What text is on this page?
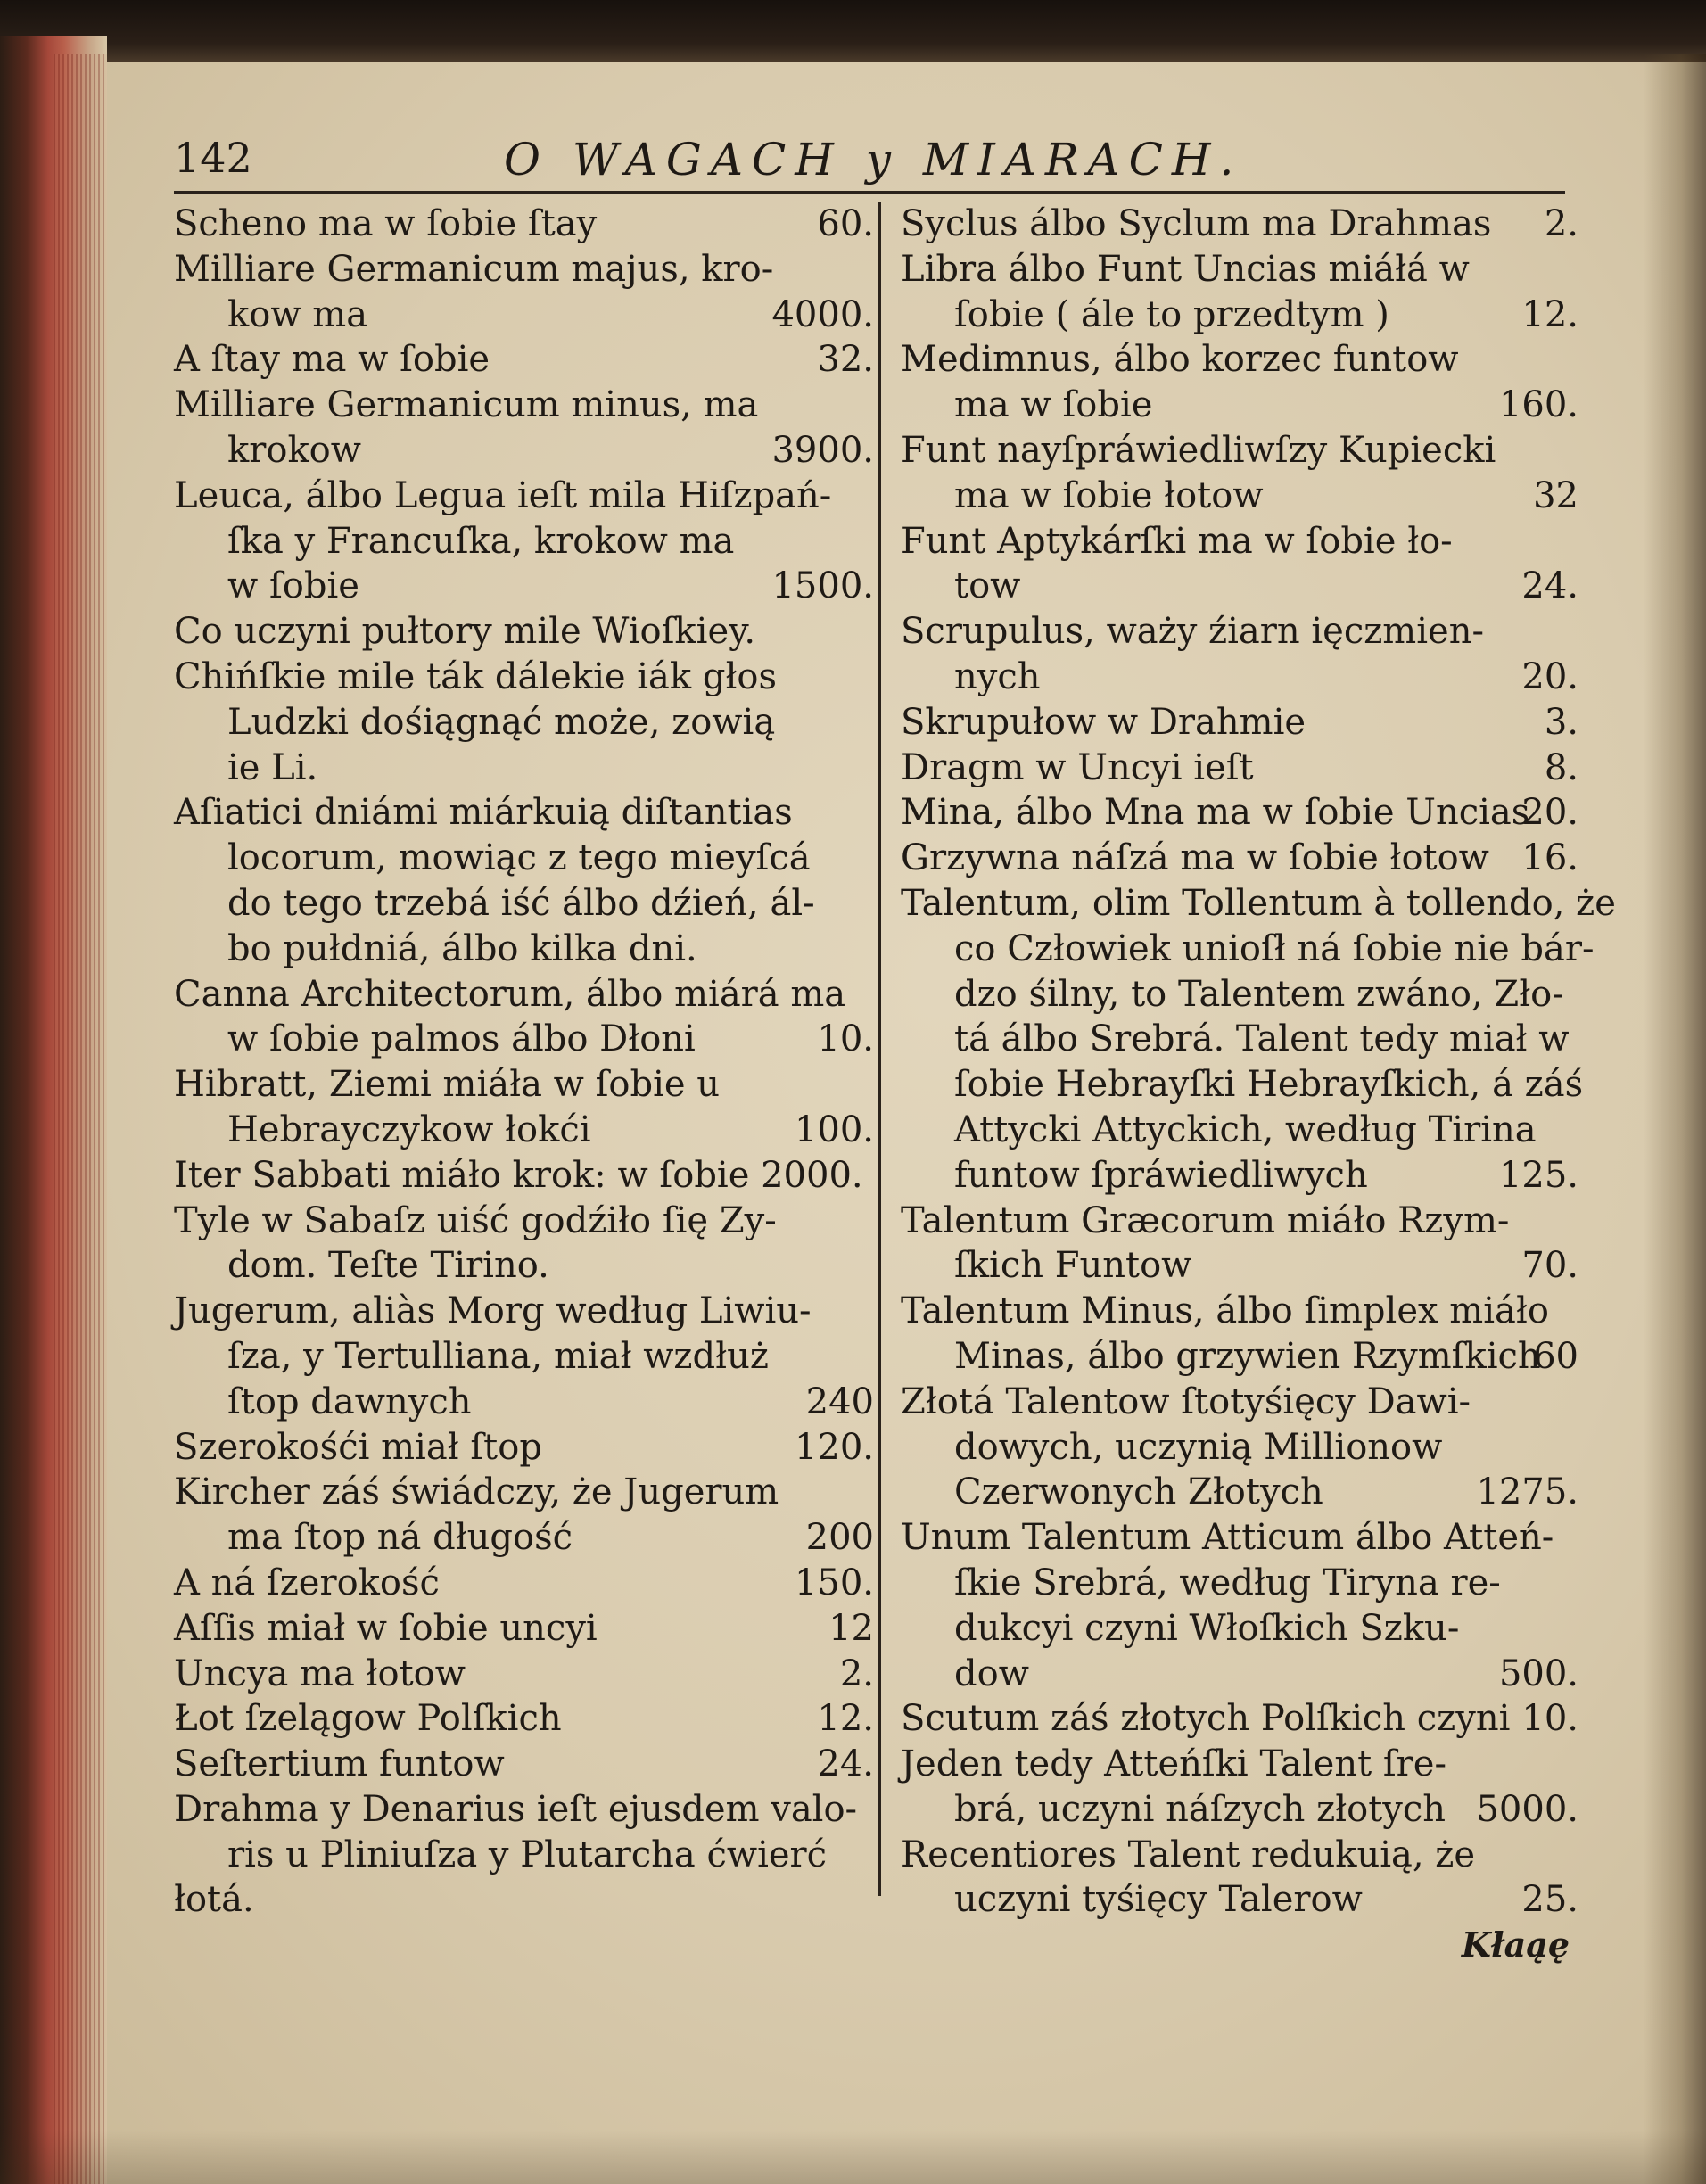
142	O WAGACH y MIARACH.
Scheno ma w ſobie ſtay	60.
Milliare Germanicum majus, kro-
kow ma	4000.
A ſtay ma w ſobie	32.
Milliare Germanicum minus, ma
krokow	3900.
Leuca, álbo Legua ieſt mila Hiſzpań-
ſka y Francuſka, krokow ma
w ſobie	1500.
Co uczyni pułtory mile Wioſkiey.
Chińſkie mile ták dálekie iák głos
Ludzki dośiągnąć może, zowią
ie Li.
Aſiatici dniámi miárkuią diſtantias
locorum, mowiąc z tego mieyſcá
do tego trzebá iść álbo dźień, ál-
bo pułdniá, álbo kilka dni.
Canna Architectorum, álbo miárá ma
w ſobie palmos álbo Dłoni	10.
Hibratt, Ziemi miáła w ſobie u
Hebrayczykow łokći	100.
Iter Sabbati miáło krok: w ſobie 2000.
Tyle w Sabaſz uiść godźiło ſię Zy-
dom. Teſte Tirino.
Jugerum, aliàs Morg według Liwiu-
ſza, y Tertulliana, miał wzdłuż
ſtop dawnych	240
Szerokośći miał ſtop	120.
Kircher záś świádczy, że Jugerum
ma ſtop ná długość	200
A ná ſzerokość	150.
Aſſis miał w ſobie uncyi	12
Uncya ma łotow	2.
Łot ſzelągow Polſkich	12.
Seſtertium funtow	24.
Drahma y Denarius ieſt ejusdem valo-
ris u Pliniuſza y Plutarcha ćwierć
łotá.
Syclus álbo Syclum ma Drahmas 2.
Libra álbo Funt Uncias miáłá w
ſobie ( ále to przedtym )	12.
Medimnus, álbo korzec funtow
ma w ſobie	160.
Funt nayſpráwiedliwſzy Kupiecki
ma w ſobie łotow	32
Funt Aptykárſki ma w ſobie ło-
tow	24.
Scrupulus, waży źiarn ięczmien-
nych	20.
Skrupułow w Drahmie	3.
Dragm w Uncyi ieſt	8.
Mina, álbo Mna ma w ſobie Uncias
20.
Grzywna náſzá ma w ſobie łotow 16.
Talentum, olim Tollentum à tollendo, że
co Człowiek unioſł ná ſobie nie bár-
dzo śilny, to Talentem zwáno, Zło-
tá álbo Srebrá. Talent tedy miał w
ſobie Hebrayſki Hebrayſkich, á záś
Attycki Attyckich, według Tirina
funtow ſpráwiedliwych	125.
Talentum Græcorum miáło Rzym-
ſkich Funtow	70.
Talentum Minus, álbo ſimplex miáło
Minas, álbo grzywien Rzymſkich
60
Złotá Talentow ſtotyśięcy Dawi-
dowych, uczynią Millionow
Czerwonych Złotych	1275.
Unum Talentum Atticum álbo Atteń-
ſkie Srebrá, według Tiryna re-
dukcyi czyni Włoſkich Szku-
dow	500.
Scutum záś złotych Polſkich czyni 10.
Jeden tedy Atteńſki Talent ſre-
brá, uczyni náſzych złotych 5000.
Recentiores Talent redukuią, że
uczyni tyśięcy Talerow	25.
Kłaąę
